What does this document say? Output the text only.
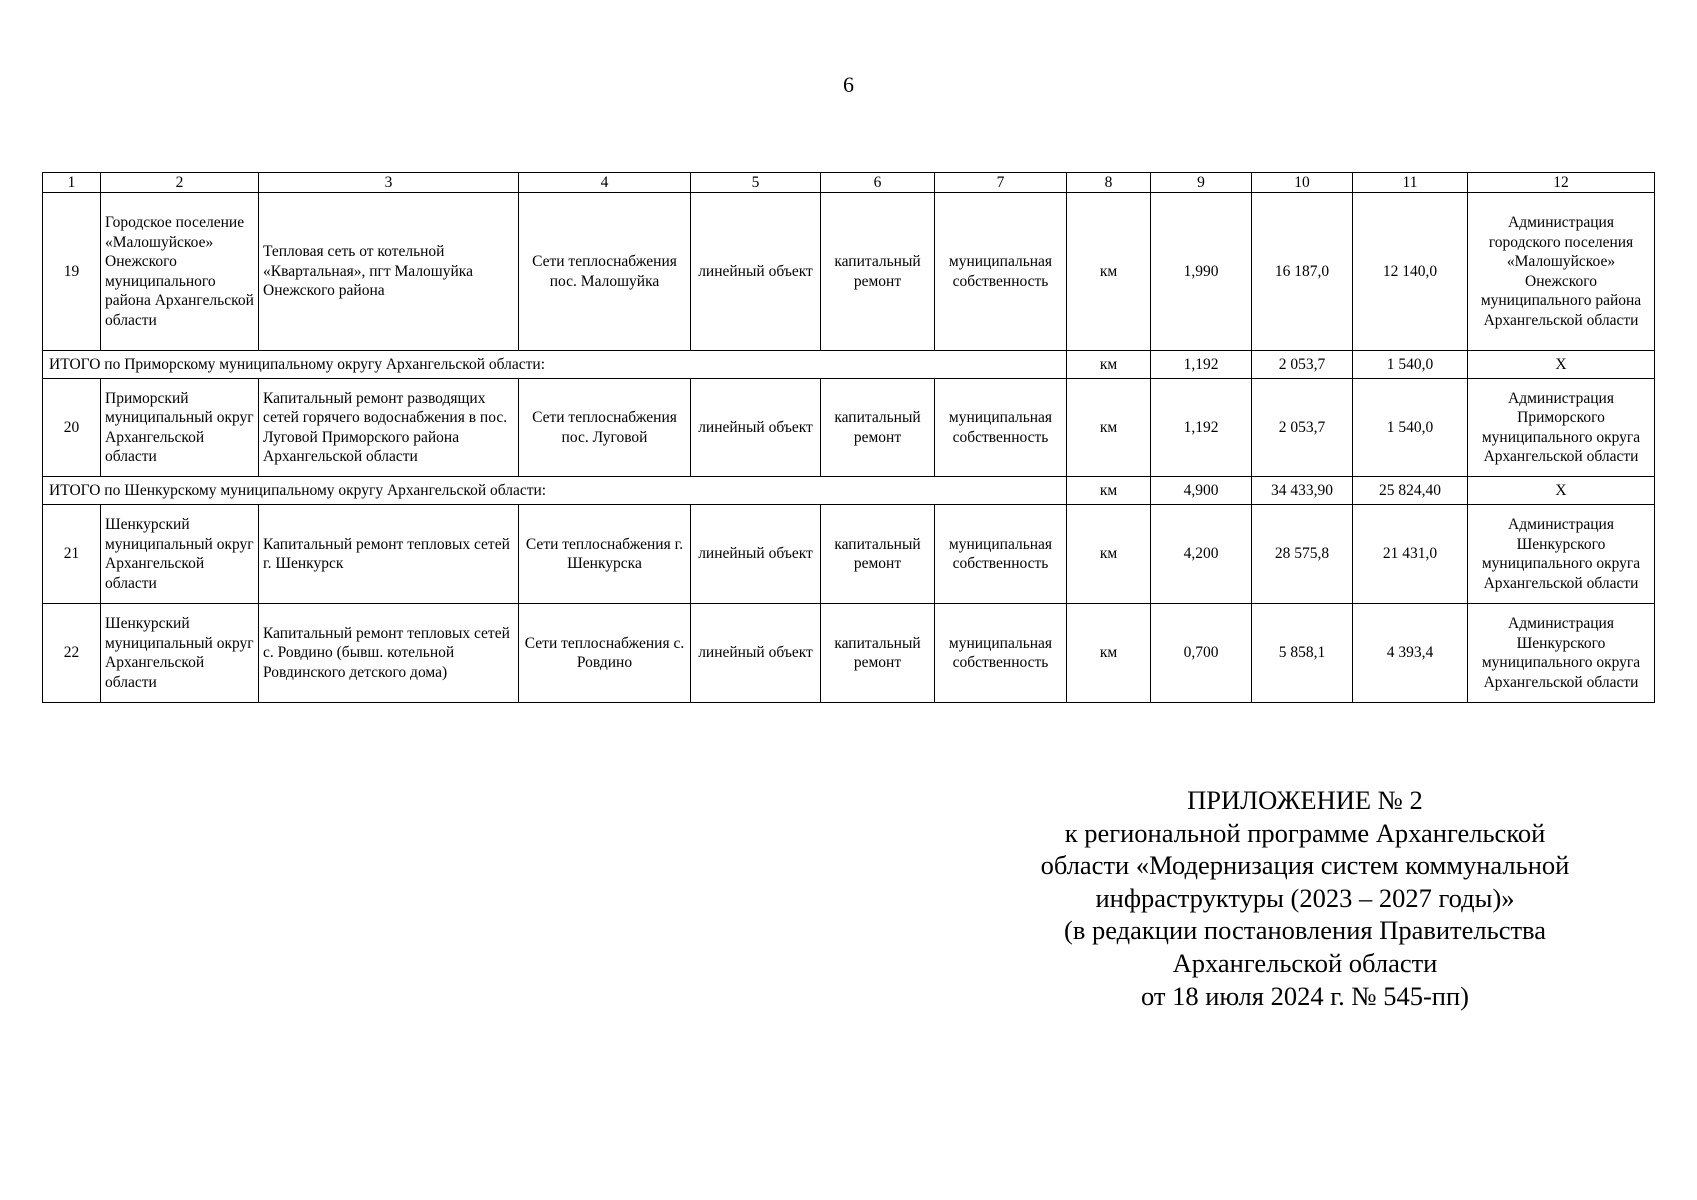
6
1	2	3	4	5	6	7	8	9	10	11	12
19	Городское поселение «Малошуйское» Онежского муниципального района Архангельской области	Тепловая сеть от котельной «Квартальная», пгт Малошуйка Онежского района	Сети теплоснабжения пос. Малошуйка	линейный объект	капитальный ремонт	муниципальная собственность	км	1,990	16 187,0	12 140,0	Администрация городского поселения «Малошуйское» Онежского муниципального района Архангельской области
ИТОГО по Приморскому муниципальному округу Архангельской области:							км	1,192	2 053,7	1 540,0	Х
20	Приморский муниципальный округ Архангельской области	Капитальный ремонт разводящих сетей горячего водоснабжения в пос. Луговой Приморского района Архангельской области	Сети теплоснабжения пос. Луговой	линейный объект	капитальный ремонт	муниципальная собственность	км	1,192	2 053,7	1 540,0	Администрация Приморского муниципального округа Архангельской области
ИТОГО по Шенкурскому муниципальному округу Архангельской области:							км	4,900	34 433,90	25 824,40	Х
21	Шенкурский муниципальный округ Архангельской области	Капитальный ремонт тепловых сетей г. Шенкурск	Сети теплоснабжения г. Шенкурска	линейный объект	капитальный ремонт	муниципальная собственность	км	4,200	28 575,8	21 431,0	Администрация Шенкурского муниципального округа Архангельской области
22	Шенкурский муниципальный округ Архангельской области	Капитальный ремонт тепловых сетей с. Ровдино (бывш. котельной Ровдинского детского дома)	Сети теплоснабжения с. Ровдино	линейный объект	капитальный ремонт	муниципальная собственность	км	0,700	5 858,1	4 393,4	Администрация Шенкурского муниципального округа Архангельской области
ПРИЛОЖЕНИЕ № 2
к региональной программе Архангельской
области «Модернизация систем коммунальной
инфраструктуры (2023 – 2027 годы)»
(в редакции постановления Правительства
Архангельской области
от 18 июля 2024 г. № 545-пп)
